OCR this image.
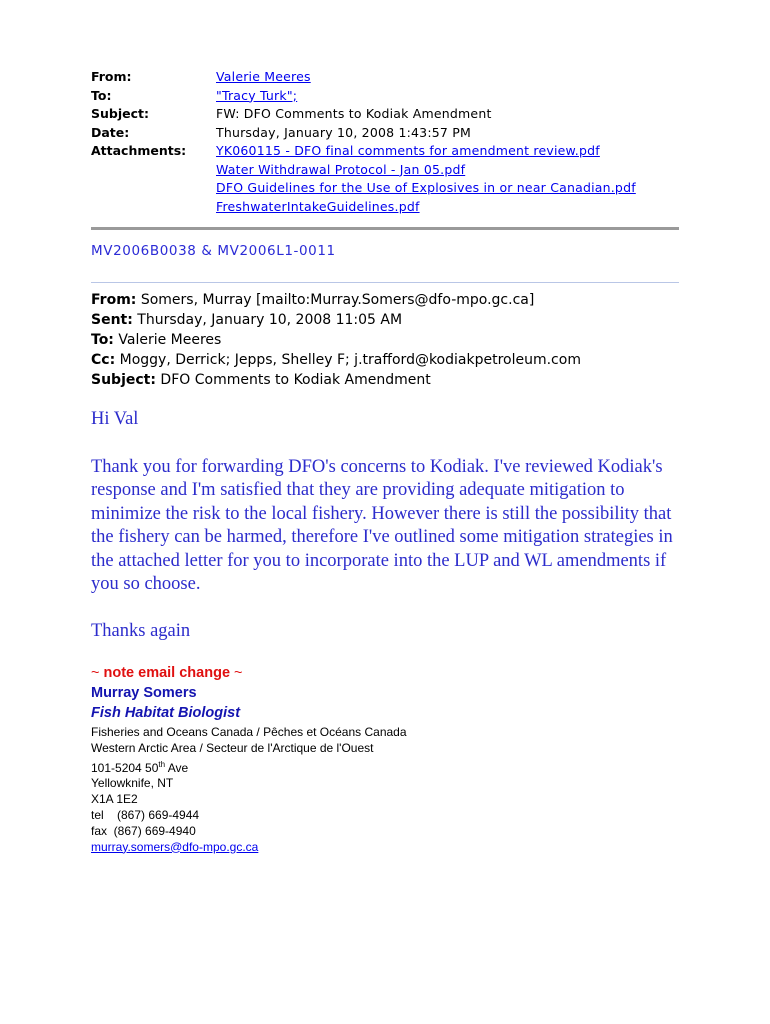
From:	Valerie Meeres
To:	"Tracy Turk";
Subject:	FW: DFO Comments to Kodiak Amendment
Date:	Thursday, January 10, 2008 1:43:57 PM
Attachments:	YK060115 - DFO final comments for amendment review.pdf
Water Withdrawal Protocol - Jan 05.pdf
DFO Guidelines for the Use of Explosives in or near Canadian.pdf
FreshwaterIntakeGuidelines.pdf
MV2006B0038 & MV2006L1-0011
From: Somers, Murray [mailto:Murray.Somers@dfo-mpo.gc.ca]
Sent: Thursday, January 10, 2008 11:05 AM
To: Valerie Meeres
Cc: Moggy, Derrick; Jepps, Shelley F; j.trafford@kodiakpetroleum.com
Subject: DFO Comments to Kodiak Amendment

Hi Val

Thank you for forwarding DFO's concerns to Kodiak. I've reviewed Kodiak's response and I'm satisfied that they are providing adequate mitigation to minimize the risk to the local fishery. However there is still the possibility that the fishery can be harmed, therefore I've outlined some mitigation strategies in the attached letter for you to incorporate into the LUP and WL amendments if you so choose.

Thanks again

~ note email change ~
Murray Somers
Fish Habitat Biologist
Fisheries and Oceans Canada / Pêches et Océans Canada
Western Arctic Area / Secteur de l'Arctique de l'Ouest
101-5204 50th Ave
Yellowknife, NT
X1A 1E2
tel    (867) 669-4944
fax  (867) 669-4940
murray.somers@dfo-mpo.gc.ca
